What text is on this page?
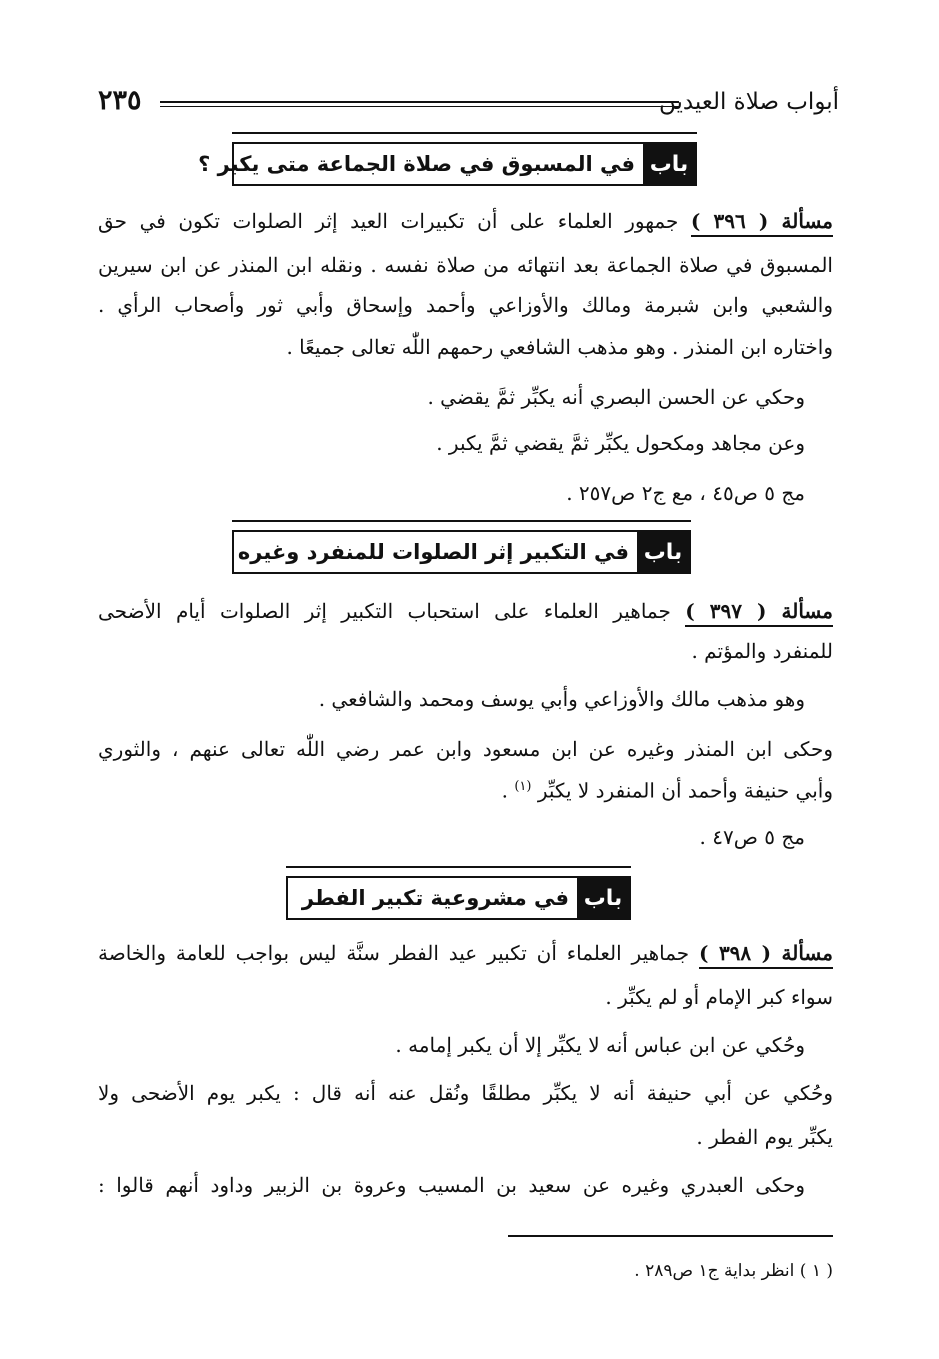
أبواب صلاة العيدين
٢٣٥
باب
في المسبوق في صلاة الجماعة متى يكبر ؟
مسألة ( ٣٩٦ ) جمهور العلماء على أن تكبيرات العيد إثر الصلوات تكون في حق
المسبوق في صلاة الجماعة بعد انتهائه من صلاة نفسه . ونقله ابن المنذر عن ابن سيرين
والشعبي وابن شبرمة ومالك والأوزاعي وأحمد وإسحاق وأبي ثور وأصحاب الرأي .
واختاره ابن المنذر . وهو مذهب الشافعي رحمهم اللّٰه تعالى جميعًا .
وحكي عن الحسن البصري أنه يكبِّر ثمَّ يقضي .
وعن مجاهد ومكحول يكبِّر ثمَّ يقضي ثمَّ يكبر .
مج ٥ ص٤٥ ، مع ج٢ ص٢٥٧ .
باب
في التكبير إثر الصلوات للمنفرد وغيره
مسألة ( ٣٩٧ ) جماهير العلماء على استحباب التكبير إثر الصلوات أيام الأضحى
للمنفرد والمؤتم .
وهو مذهب مالك والأوزاعي وأبي يوسف ومحمد والشافعي .
وحكى ابن المنذر وغيره عن ابن مسعود وابن عمر رضي اللّٰه تعالى عنهم ، والثوري
وأبي حنيفة وأحمد أن المنفرد لا يكبِّر $^{(١)}$ .
مج ٥ ص٤٧ .
باب
في مشروعية تكبير الفطر
مسألة ( ٣٩٨ ) جماهير العلماء أن تكبير عيد الفطر سنَّة ليس بواجب للعامة والخاصة
سواء كبر الإمام أو لم يكبِّر .
وحُكي عن ابن عباس أنه لا يكبِّر إلا أن يكبر إمامه .
وحُكي عن أبي حنيفة أنه لا يكبِّر مطلقًا ونُقل عنه أنه قال : يكبر يوم الأضحى ولا
يكبِّر يوم الفطر .
وحكى العبدري وغيره عن سعيد بن المسيب وعروة بن الزبير وداود أنهم قالوا :
( ١ ) انظر بداية ج١ ص٢٨٩ .
